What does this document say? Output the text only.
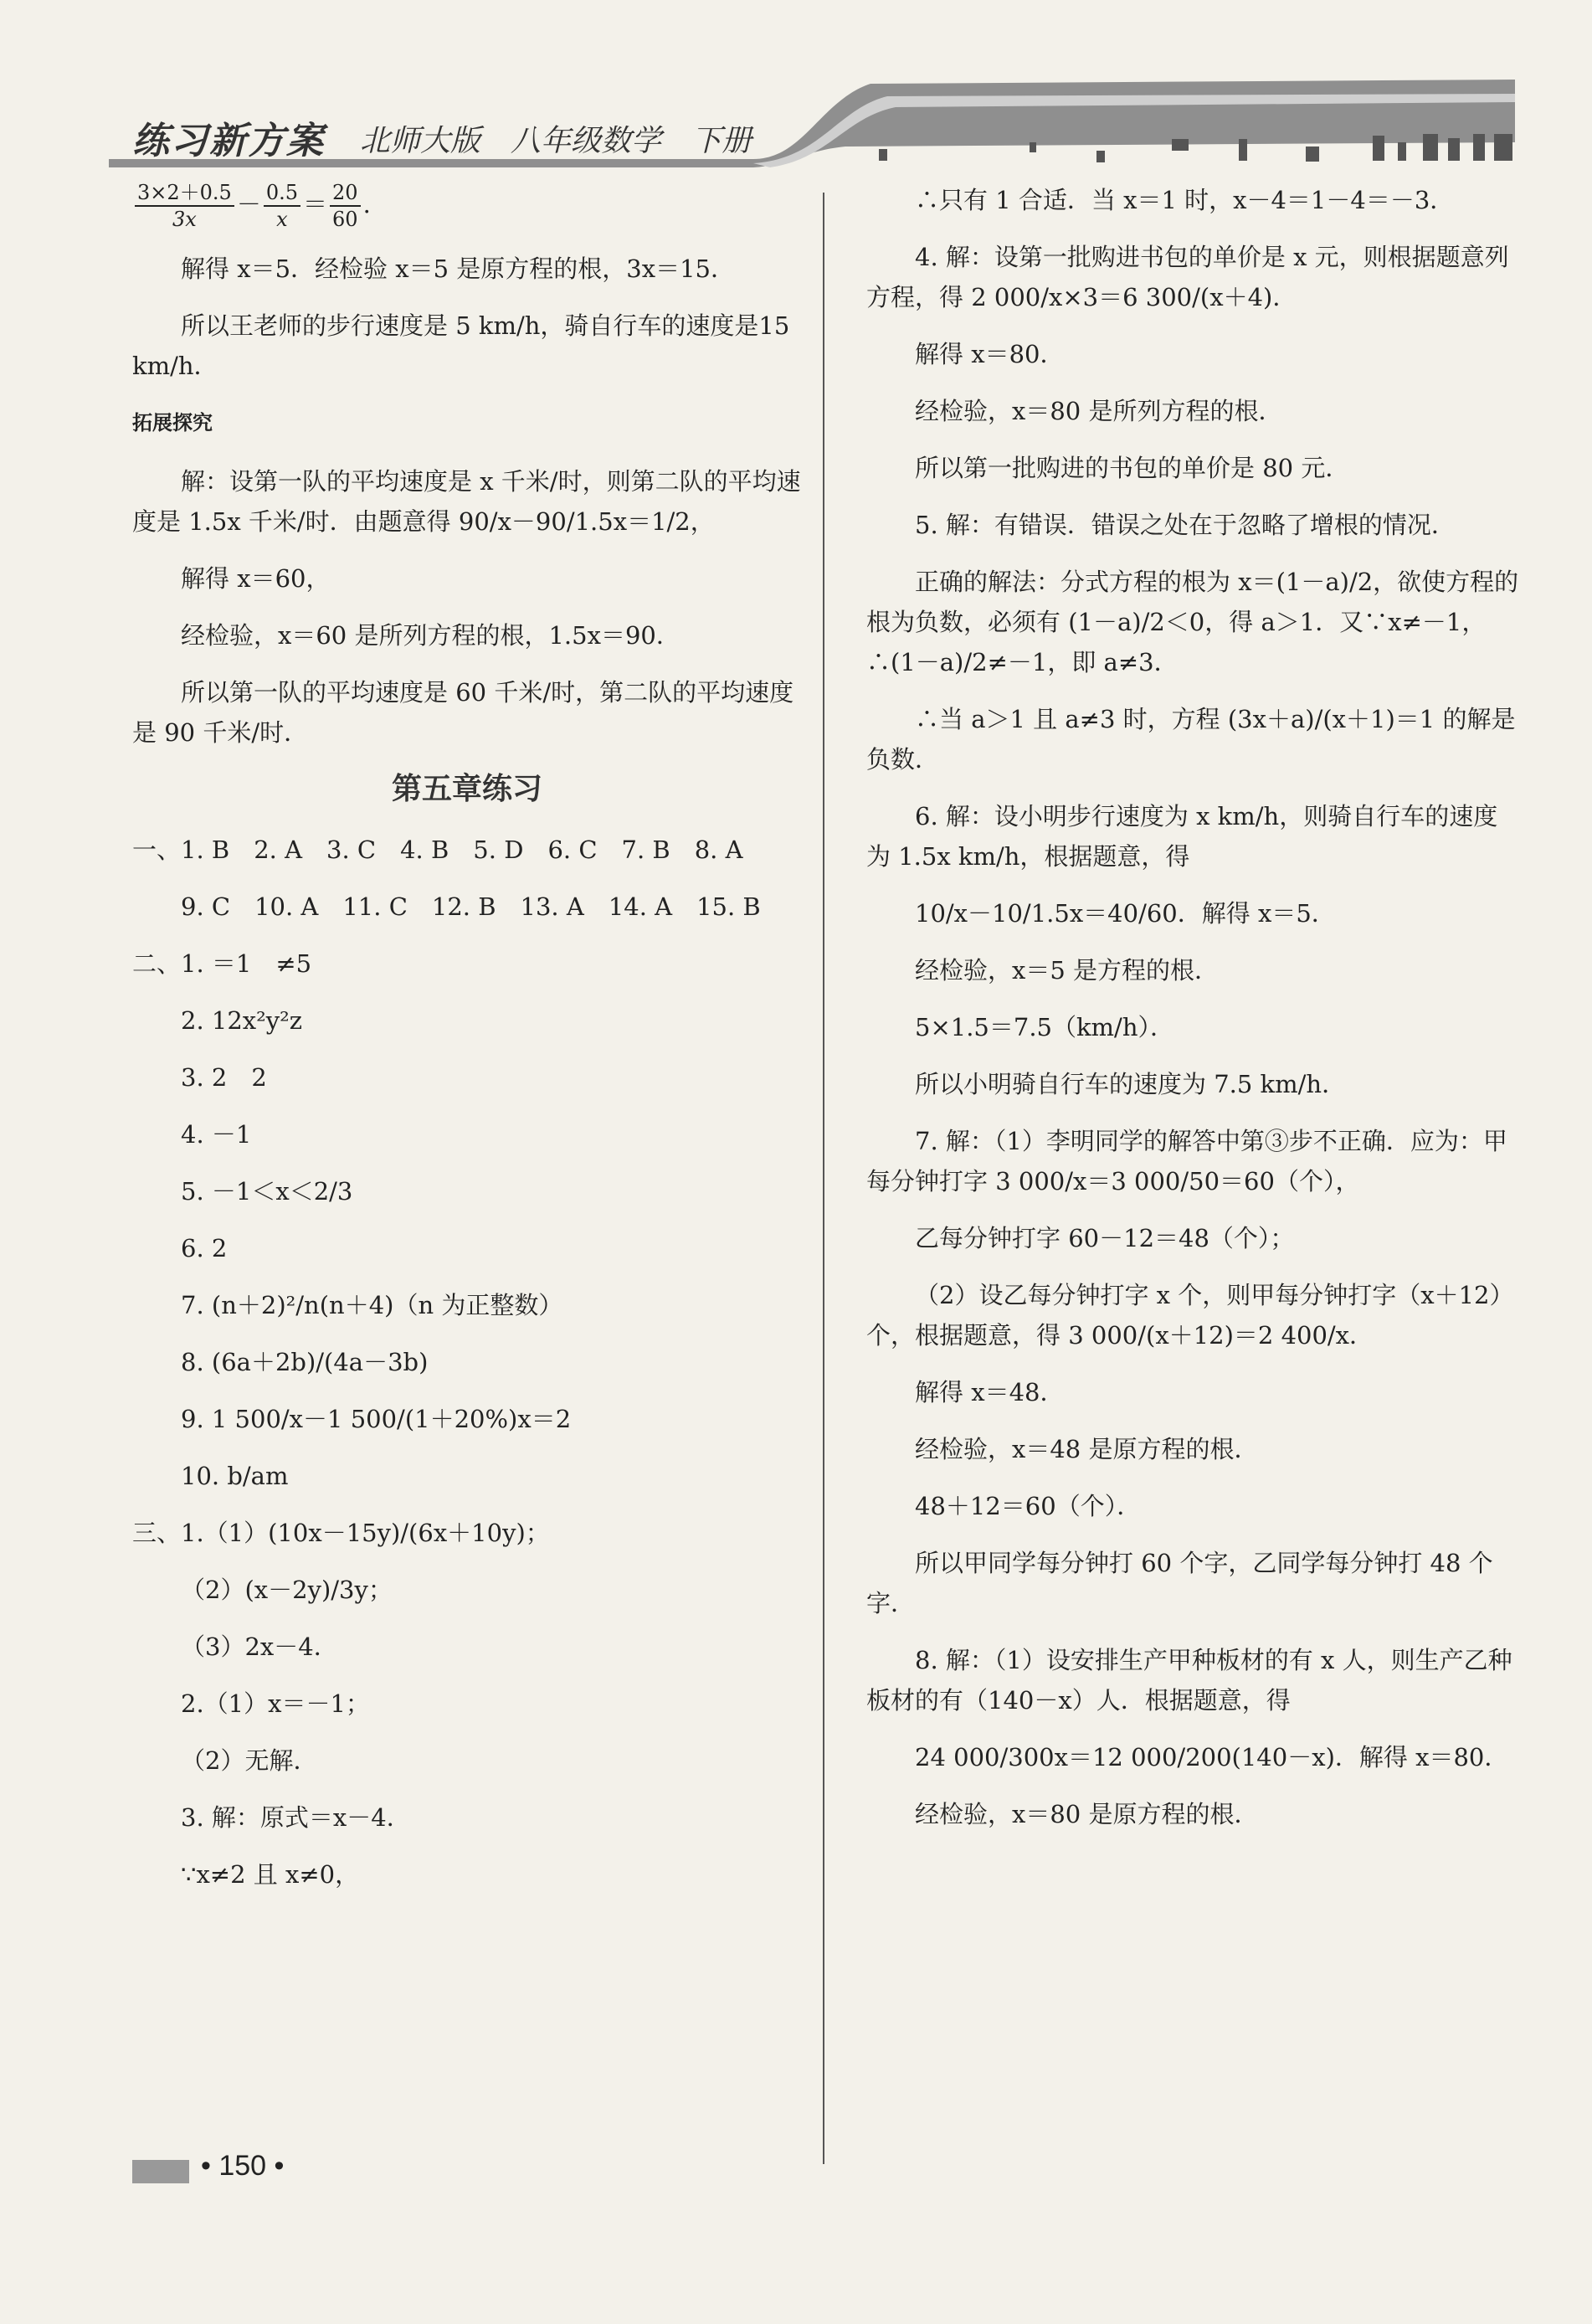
练习新方案 北师大版　八年级数学　下册

$\frac{3\times 2+0.5}{3x} - \frac{0.5}{x} = \frac{20}{60}$ .

解得 x＝5．经检验 x＝5 是原方程的根，3x＝15．

所以王老师的步行速度是 5 km/h，骑自行车的速度是15 km/h．

拓展探究

解：设第一队的平均速度是 x 千米/时，则第二队的平均速度是 1.5x 千米/时．由题意得 90/x－90/1.5x＝1/2，

解得 x＝60，

经检验，x＝60 是所列方程的根，1.5x＝90．

所以第一队的平均速度是 60 千米/时，第二队的平均速度是 90 千米/时．

第五章练习

一、1. B　2. A　3. C　4. B　5. D　6. C　7. B　8. A

9. C　10. A　11. C　12. B　13. A　14. A　15. B

二、1. ＝1　≠5

2. 12x²y²z

3. 2　2

4. －1

5. －1＜x＜2/3

6. 2

7. (n＋2)²/n(n＋4)（n 为正整数）

8. (6a＋2b)/(4a－3b)

9. 1 500/x－1 500/(1＋20%)x＝2

10. b/am

三、1.（1）(10x－15y)/(6x＋10y)；

（2）(x－2y)/3y；

（3）2x－4．

2.（1）x＝－1；

（2）无解．

3. 解：原式＝x－4．

∵x≠2 且 x≠0，

∴只有 1 合适．当 x＝1 时，x－4＝1－4＝－3．

4. 解：设第一批购进书包的单价是 x 元，则根据题意列方程，得 2 000/x×3＝6 300/(x＋4)．

解得 x＝80．

经检验，x＝80 是所列方程的根．

所以第一批购进的书包的单价是 80 元．

5. 解：有错误．错误之处在于忽略了增根的情况．

正确的解法：分式方程的根为 x＝(1－a)/2，欲使方程的根为负数，必须有 (1－a)/2＜0，得 a＞1．又∵x≠－1，∴(1－a)/2≠－1，即 a≠3．

∴当 a＞1 且 a≠3 时，方程 (3x＋a)/(x＋1)＝1 的解是负数．

6. 解：设小明步行速度为 x km/h，则骑自行车的速度为 1.5x km/h，根据题意，得

10/x－10/1.5x＝40/60．解得 x＝5．

经检验，x＝5 是方程的根．

5×1.5＝7.5（km/h）．

所以小明骑自行车的速度为 7.5 km/h．

7. 解：（1）李明同学的解答中第③步不正确．应为：甲每分钟打字 3 000/x＝3 000/50＝60（个），

乙每分钟打字 60－12＝48（个）；

（2）设乙每分钟打字 x 个，则甲每分钟打字（x＋12）个，根据题意，得 3 000/(x＋12)＝2 400/x．

解得 x＝48．

经检验，x＝48 是原方程的根．

48＋12＝60（个）．

所以甲同学每分钟打 60 个字，乙同学每分钟打 48 个字．

8. 解：（1）设安排生产甲种板材的有 x 人，则生产乙种板材的有（140－x）人．根据题意，得

24 000/300x＝12 000/200(140－x)．解得 x＝80．

经检验，x＝80 是原方程的根．

• 150 •
